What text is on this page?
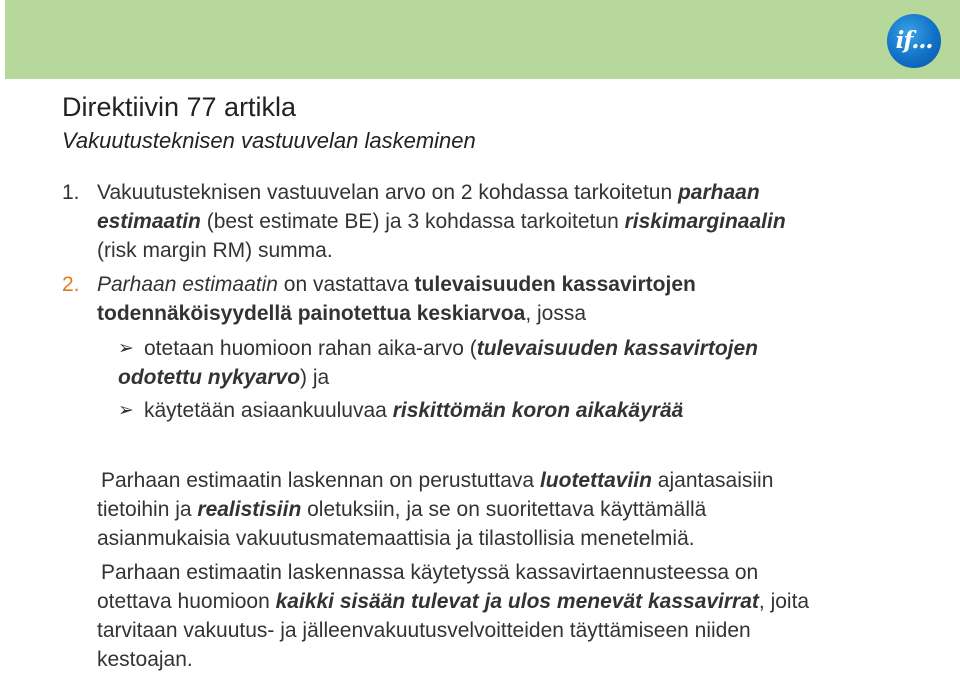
if...
Direktiivin 77 artikla
Vakuutusteknisen vastuuvelan laskeminen
1. Vakuutusteknisen vastuuvelan arvo on 2 kohdassa tarkoitetun parhaan
estimaatin (best estimate BE) ja 3 kohdassa tarkoitetun riskimarginaalin
(risk margin RM) summa.
2. Parhaan estimaatin on vastattava tulevaisuuden kassavirtojen
todennäköisyydellä painotettua keskiarvoa, jossa
➢ otetaan huomioon rahan aika-arvo (tulevaisuuden kassavirtojen
odotettu nykyarvo) ja
➢ käytetään asiaankuuluvaa riskittömän koron aikakäyrää
Parhaan estimaatin laskennan on perustuttava luotettaviin ajantasaisiin
tietoihin ja realistisiin oletuksiin, ja se on suoritettava käyttämällä
asianmukaisia vakuutusmatemaattisia ja tilastollisia menetelmiä.
Parhaan estimaatin laskennassa käytetyssä kassavirtaennusteessa on
otettava huomioon kaikki sisään tulevat ja ulos menevät kassavirrat, joita
tarvitaan vakuutus- ja jälleenvakuutusvelvoitteiden täyttämiseen niiden
kestoajan.
